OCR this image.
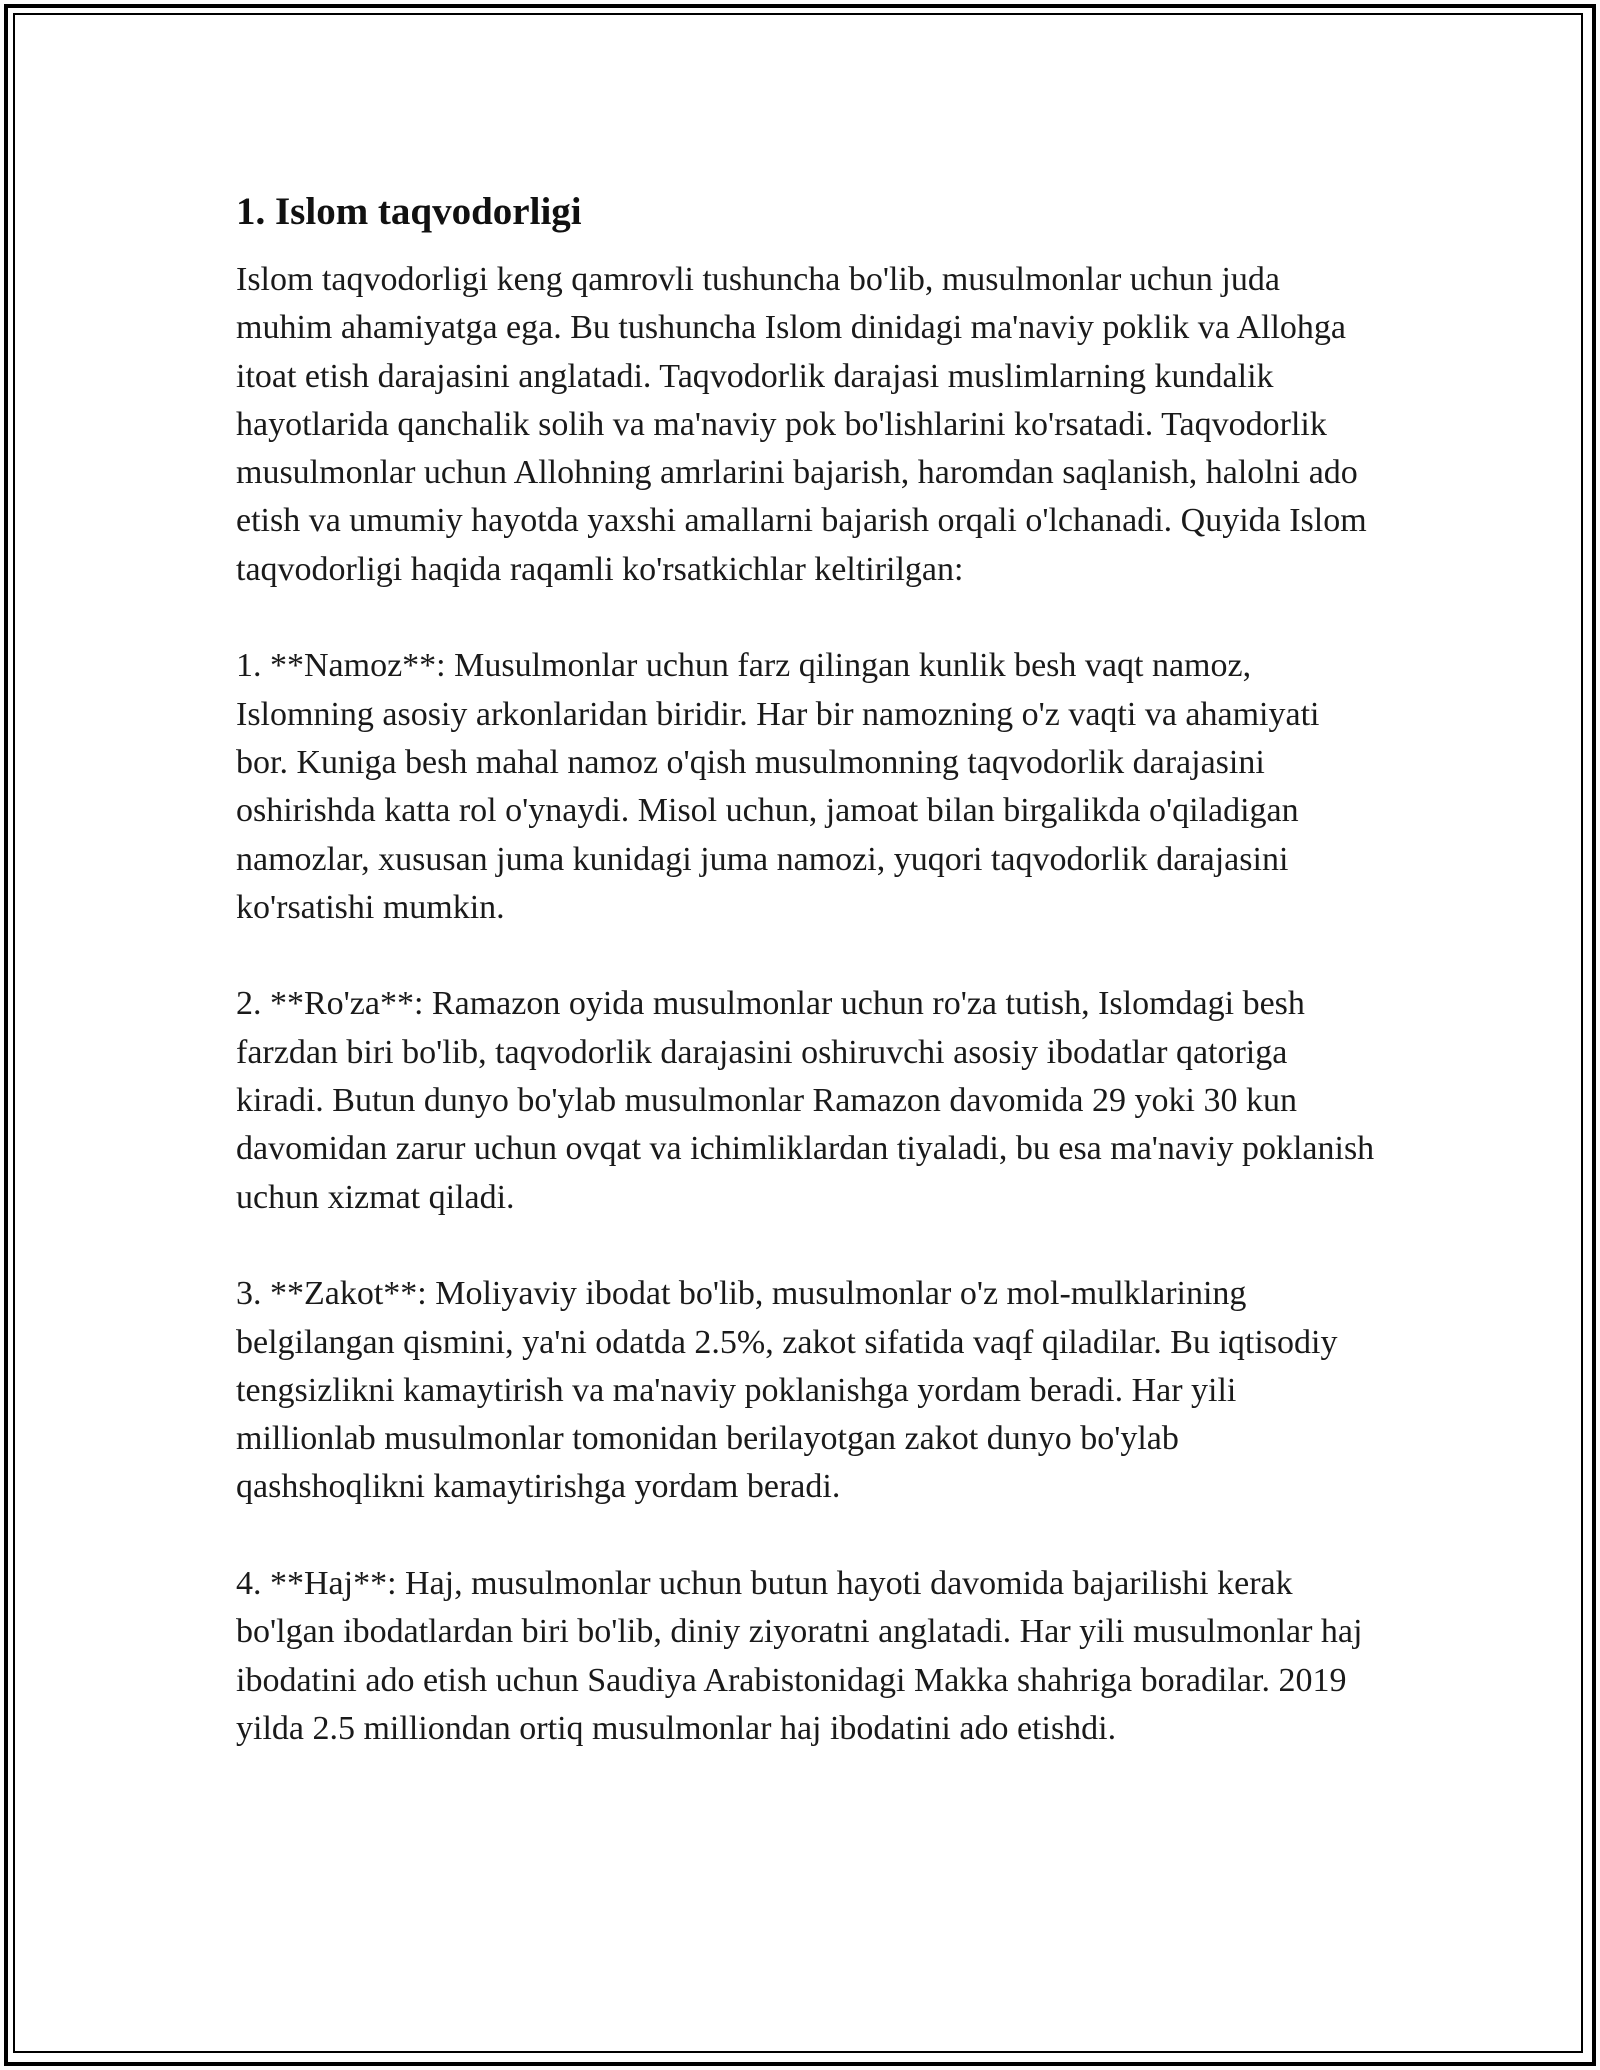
1. Islom taqvodorligi

Islom taqvodorligi keng qamrovli tushuncha bo'lib, musulmonlar uchun juda muhim ahamiyatga ega. Bu tushuncha Islom dinidagi ma'naviy poklik va Allohga itoat etish darajasini anglatadi. Taqvodorlik darajasi muslimlarning kundalik hayotlarida qanchalik solih va ma'naviy pok bo'lishlarini ko'rsatadi. Taqvodorlik musulmonlar uchun Allohning amrlarini bajarish, haromdan saqlanish, halolni ado etish va umumiy hayotda yaxshi amallarni bajarish orqali o'lchanadi. Quyida Islom taqvodorligi haqida raqamli ko'rsatkichlar keltirilgan:

1. **Namoz**: Musulmonlar uchun farz qilingan kunlik besh vaqt namoz, Islomning asosiy arkonlaridan biridir. Har bir namozning o'z vaqti va ahamiyati bor. Kuniga besh mahal namoz o'qish musulmonning taqvodorlik darajasini oshirishda katta rol o'ynaydi. Misol uchun, jamoat bilan birgalikda o'qiladigan namozlar, xususan juma kunidagi juma namozi, yuqori taqvodorlik darajasini ko'rsatishi mumkin.

2. **Ro'za**: Ramazon oyida musulmonlar uchun ro'za tutish, Islomdagi besh farzdan biri bo'lib, taqvodorlik darajasini oshiruvchi asosiy ibodatlar qatoriga kiradi. Butun dunyo bo'ylab musulmonlar Ramazon davomida 29 yoki 30 kun davomidan zarur uchun ovqat va ichimliklardan tiyaladi, bu esa ma'naviy poklanish uchun xizmat qiladi.

3. **Zakot**: Moliyaviy ibodat bo'lib, musulmonlar o'z mol-mulklarining belgilangan qismini, ya'ni odatda 2.5%, zakot sifatida vaqf qiladilar. Bu iqtisodiy tengsizlikni kamaytirish va ma'naviy poklanishga yordam beradi. Har yili millionlab musulmonlar tomonidan berilayotgan zakot dunyo bo'ylab qashshoqlikni kamaytirishga yordam beradi.

4. **Haj**: Haj, musulmonlar uchun butun hayoti davomida bajarilishi kerak bo'lgan ibodatlardan biri bo'lib, diniy ziyoratni anglatadi. Har yili musulmonlar haj ibodatini ado etish uchun Saudiya Arabistonidagi Makka shahriga boradilar. 2019 yilda 2.5 milliondan ortiq musulmonlar haj ibodatini ado etishdi.
